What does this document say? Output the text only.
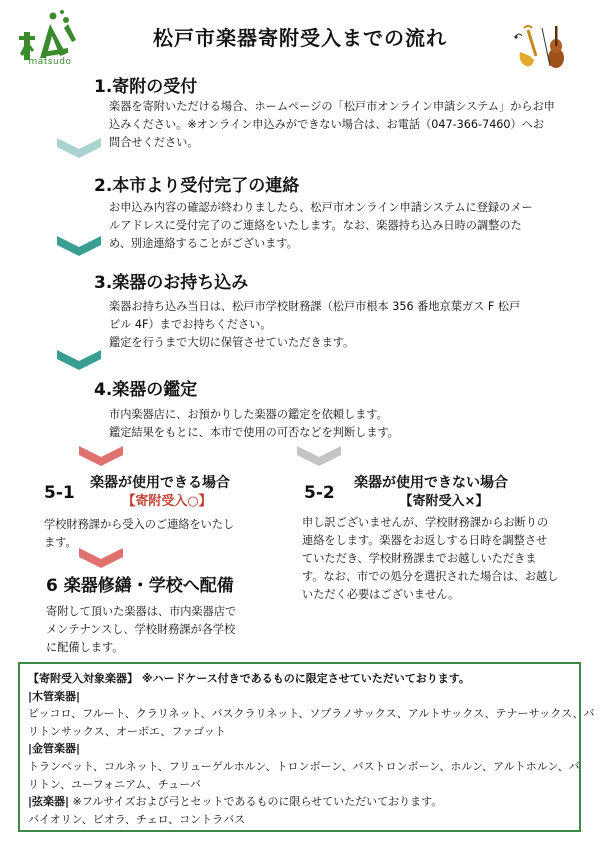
matsudo
松戸市楽器寄附受入までの流れ
1.寄附の受付
楽器を寄附いただける場合、ホームページの「松戸市オンライン申請システム」からお申
込みください。※オンライン申込みができない場合は、お電話（047-366-7460）へお
問合せください。
2.本市より受付完了の連絡
お申込み内容の確認が終わりましたら、松戸市オンライン申請システムに登録のメー
ルアドレスに受付完了のご連絡をいたします。なお、楽器持ち込み日時の調整のた
め、別途連絡することがございます。
3.楽器のお持ち込み
楽器お持ち込み当日は、松戸市学校財務課（松戸市根本 356 番地京葉ガス F 松戸
ビル 4F）までお持ちください。
鑑定を行うまで大切に保管させていただきます。
4.楽器の鑑定
市内楽器店に、お預かりした楽器の鑑定を依頼します。
鑑定結果をもとに、本市で使用の可否などを判断します。
5-1 楽器が使用できる場合
【寄附受入○】
学校財務課から受入のご連絡をいたし
ます。
5-2 楽器が使用できない場合
【寄附受入×】
申し訳ございませんが、学校財務課からお断りの
連絡をします。楽器をお返しする日時を調整させ
ていただき、学校財務課までお越しいただきま
す。なお、市での処分を選択された場合は、お越し
いただく必要はございません。
6 楽器修繕・学校へ配備
寄附して頂いた楽器は、市内楽器店で
メンテナンスし、学校財務課が各学校
に配備します。
【寄附受入対象楽器】 ※ハードケース付きであるものに限定させていただいております。
|木管楽器|
ピッコロ、フルート、クラリネット、バスクラリネット、ソプラノサックス、アルトサックス、テナーサックス、バ
リトンサックス、オーボエ、ファゴット
|金管楽器|
トランペット、コルネット、フリューゲルホルン、トロンボーン、バストロンボーン、ホルン、アルトホルン、バ
リトン、ユーフォニアム、チューバ
|弦楽器| ※フルサイズおよび弓とセットであるものに限らせていただいております。
バイオリン、ビオラ、チェロ、コントラバス
